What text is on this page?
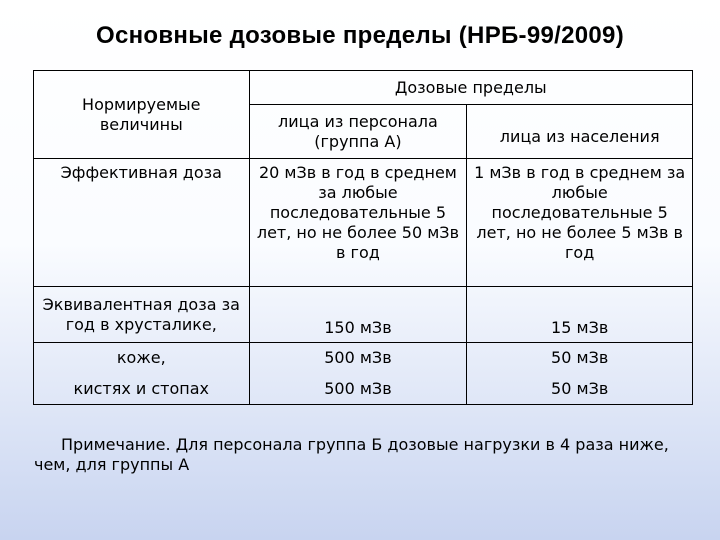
Основные дозовые пределы (НРБ-99/2009)
Нормируемые величины	Дозовые пределы	
	лица из персонала (группа А)	лица из населения
Эффективная доза	20 мЗв в год в среднем за любые последовательные 5 лет, но не более 50 мЗв в год	1 мЗв в год в среднем за любые последовательные 5 лет, но не более 5 мЗв в год
Эквивалентная доза за год в хрусталике,	150 мЗв	15 мЗв
коже,	500 мЗв	50 мЗв
кистях и стопах	500 мЗв	50 мЗв
Примечание. Для персонала группа Б дозовые нагрузки в 4 раза ниже, чем, для группы А
